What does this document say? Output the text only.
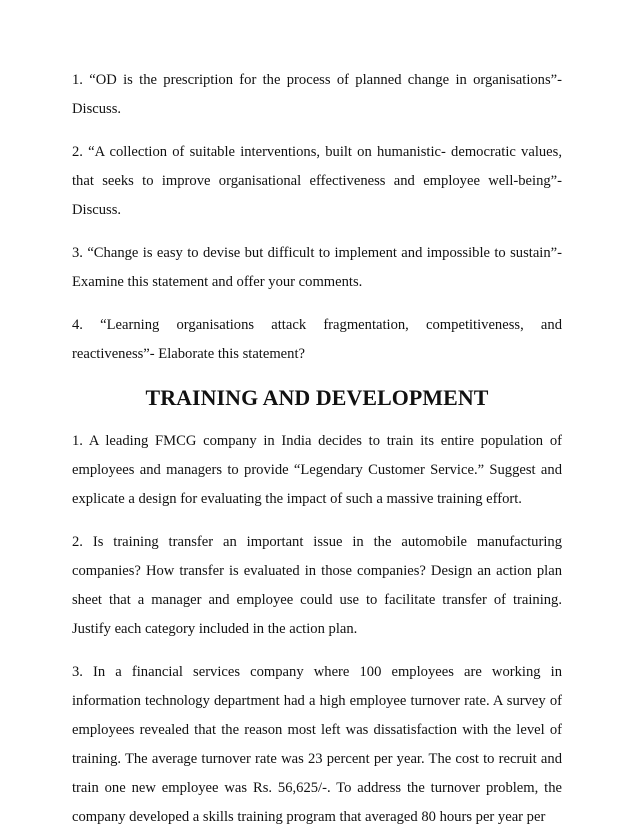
1. “OD is the prescription for the process of planned change in organisations”- Discuss.

2. “A collection of suitable interventions, built on humanistic- democratic values, that seeks to improve organisational effectiveness and employee well-being”- Discuss.

3. “Change is easy to devise but difficult to implement and impossible to sustain”- Examine this statement and offer your comments.

4. “Learning organisations attack fragmentation, competitiveness, and reactiveness”- Elaborate this statement?

TRAINING AND DEVELOPMENT

1. A leading FMCG company in India decides to train its entire population of employees and managers to provide “Legendary Customer Service.” Suggest and explicate a design for evaluating the impact of such a massive training effort.

2. Is training transfer an important issue in the automobile manufacturing companies? How transfer is evaluated in those companies? Design an action plan sheet that a manager and employee could use to facilitate transfer of training. Justify each category included in the action plan.

3. In a financial services company where 100 employees are working in information technology department had a high employee turnover rate. A survey of employees revealed that the reason most left was dissatisfaction with the level of training. The average turnover rate was 23 percent per year. The cost to recruit and train one new employee was Rs. 56,625/-. To address the turnover problem, the company developed a skills training program that averaged 80 hours per year per
